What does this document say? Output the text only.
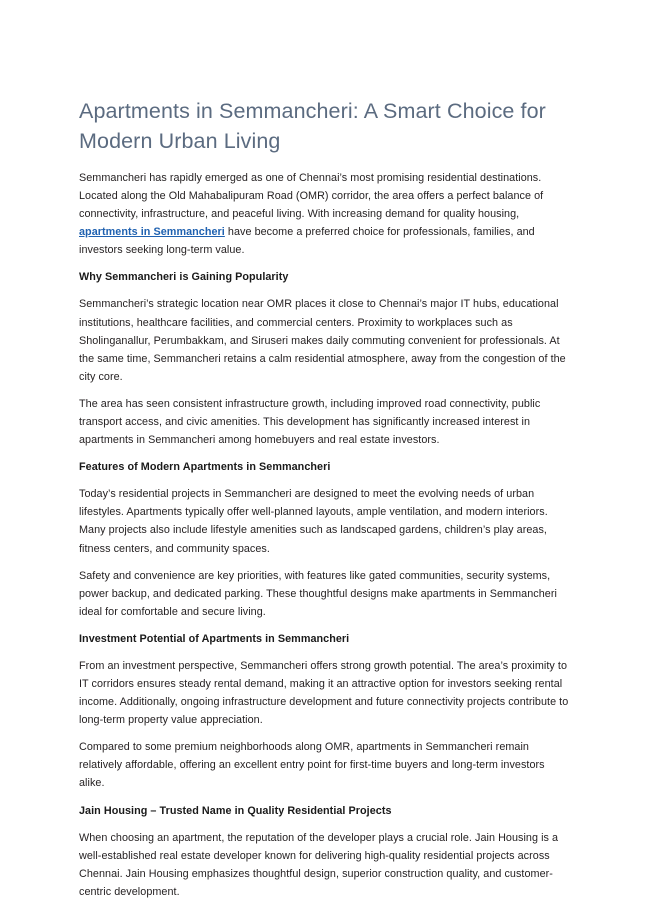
Apartments in Semmancheri: A Smart Choice for Modern Urban Living

Semmancheri has rapidly emerged as one of Chennai’s most promising residential destinations. Located along the Old Mahabalipuram Road (OMR) corridor, the area offers a perfect balance of connectivity, infrastructure, and peaceful living. With increasing demand for quality housing, apartments in Semmancheri have become a preferred choice for professionals, families, and investors seeking long-term value.

Why Semmancheri is Gaining Popularity

Semmancheri’s strategic location near OMR places it close to Chennai’s major IT hubs, educational institutions, healthcare facilities, and commercial centers. Proximity to workplaces such as Sholinganallur, Perumbakkam, and Siruseri makes daily commuting convenient for professionals. At the same time, Semmancheri retains a calm residential atmosphere, away from the congestion of the city core.

The area has seen consistent infrastructure growth, including improved road connectivity, public transport access, and civic amenities. This development has significantly increased interest in apartments in Semmancheri among homebuyers and real estate investors.

Features of Modern Apartments in Semmancheri

Today’s residential projects in Semmancheri are designed to meet the evolving needs of urban lifestyles. Apartments typically offer well-planned layouts, ample ventilation, and modern interiors. Many projects also include lifestyle amenities such as landscaped gardens, children’s play areas, fitness centers, and community spaces.

Safety and convenience are key priorities, with features like gated communities, security systems, power backup, and dedicated parking. These thoughtful designs make apartments in Semmancheri ideal for comfortable and secure living.

Investment Potential of Apartments in Semmancheri

From an investment perspective, Semmancheri offers strong growth potential. The area’s proximity to IT corridors ensures steady rental demand, making it an attractive option for investors seeking rental income. Additionally, ongoing infrastructure development and future connectivity projects contribute to long-term property value appreciation.

Compared to some premium neighborhoods along OMR, apartments in Semmancheri remain relatively affordable, offering an excellent entry point for first-time buyers and long-term investors alike.

Jain Housing – Trusted Name in Quality Residential Projects

When choosing an apartment, the reputation of the developer plays a crucial role. Jain Housing is a well-established real estate developer known for delivering high-quality residential projects across Chennai. Jain Housing emphasizes thoughtful design, superior construction quality, and customer-centric development.
